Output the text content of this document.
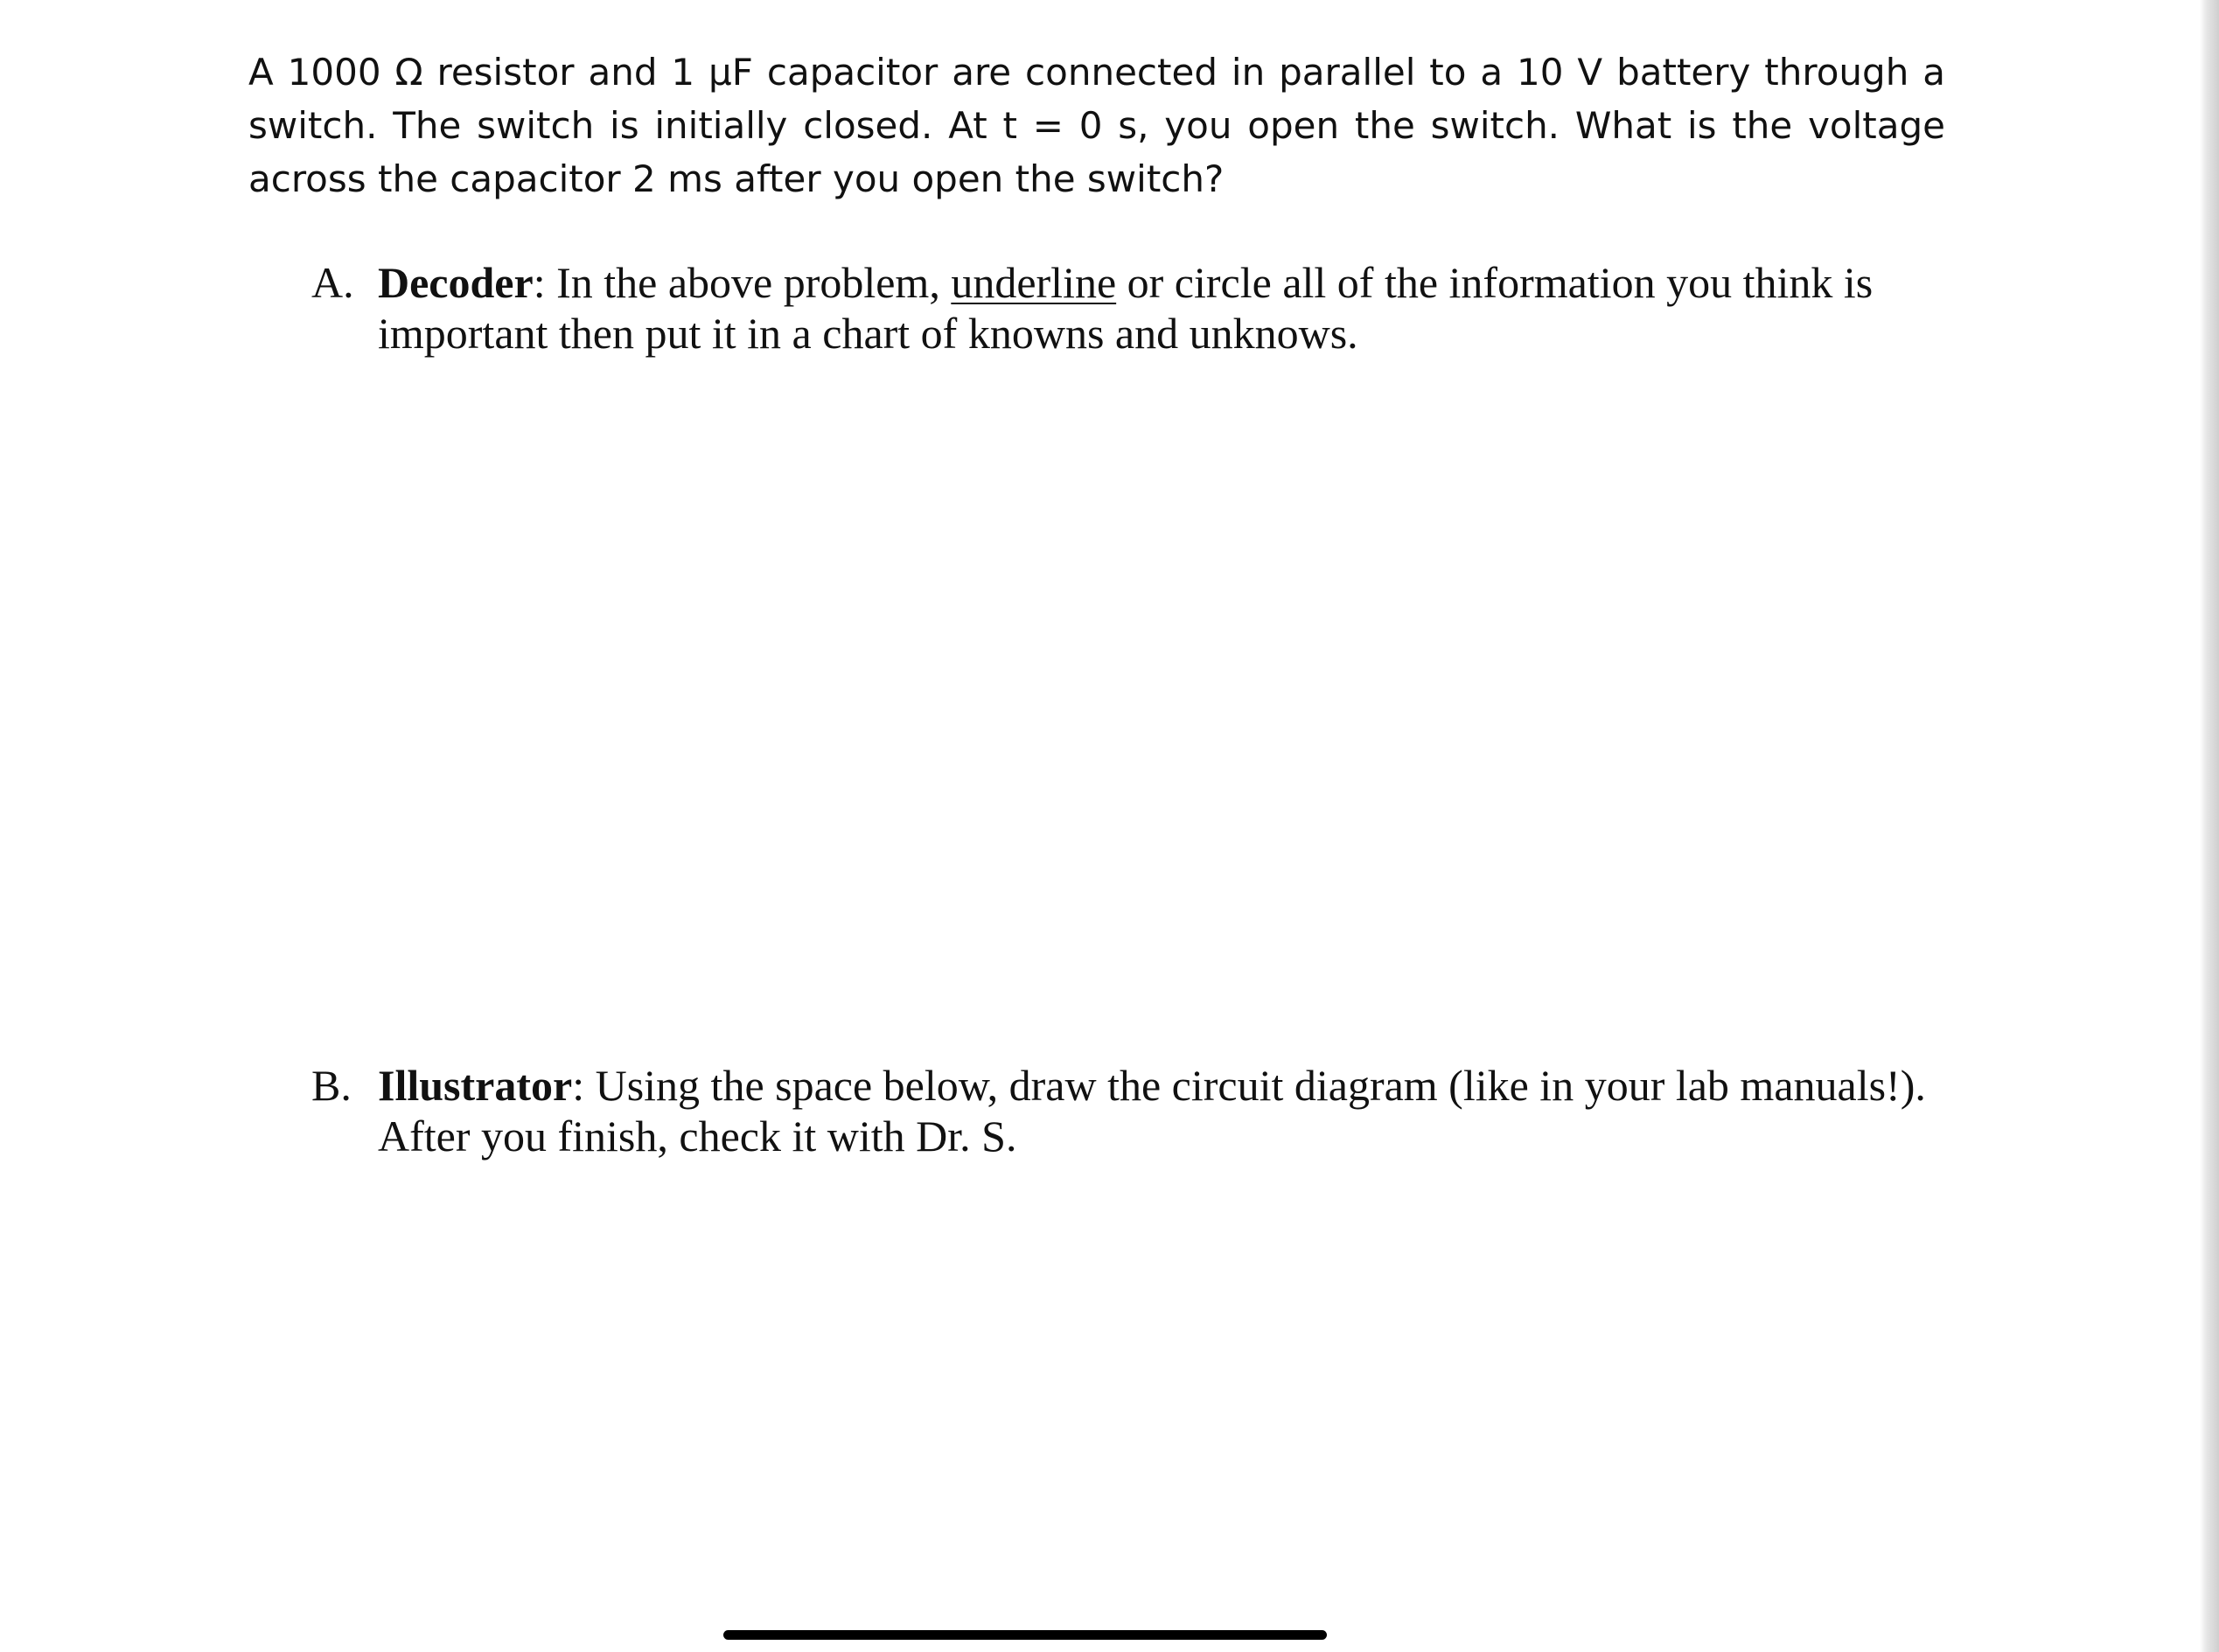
A 1000 Ω resistor and 1 μF capacitor are connected in parallel to a 10 V battery through a switch. The switch is initially closed. At t = 0 s, you open the switch. What is the voltage across the capacitor 2 ms after you open the switch?

A. Decoder: In the above problem, underline or circle all of the information you think is important then put it in a chart of knowns and unknows.
B. Illustrator: Using the space below, draw the circuit diagram (like in your lab manuals!). After you finish, check it with Dr. S.
